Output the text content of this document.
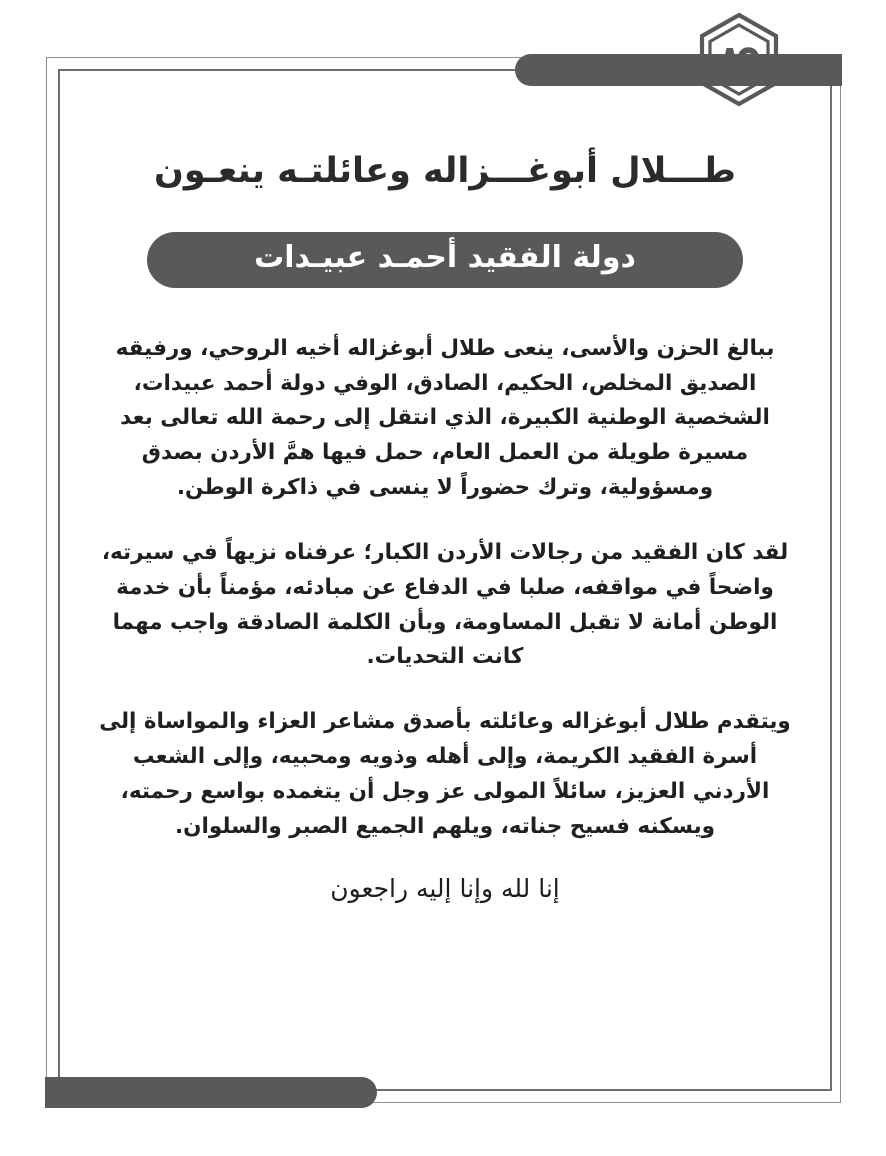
طـــلال أبوغـــزاله وعائلتـه ينعـون
دولة الفقيد أحمـد عبيـدات

ببالغ الحزن والأسى، ينعى طلال أبوغزاله أخيه الروحي، ورفيقه الصديق المخلص، الحكيم، الصادق، الوفي دولة أحمد عبيدات، الشخصية الوطنية الكبيرة، الذي انتقل إلى رحمة الله تعالى بعد مسيرة طويلة من العمل العام، حمل فيها همَّ الأردن بصدق ومسؤولية، وترك حضوراً لا ينسى في ذاكرة الوطن.

لقد كان الفقيد من رجالات الأردن الكبار؛ عرفناه نزيهاً في سيرته، واضحاً في مواقفه، صلبا في الدفاع عن مبادئه، مؤمناً بأن خدمة الوطن أمانة لا تقبل المساومة، وبأن الكلمة الصادقة واجب مهما كانت التحديات.

ويتقدم طلال أبوغزاله وعائلته بأصدق مشاعر العزاء والمواساة إلى أسرة الفقيد الكريمة، وإلى أهله وذويه ومحبيه، وإلى الشعب الأردني العزيز، سائلاً المولى عز وجل أن يتغمده بواسع رحمته، ويسكنه فسيح جناته، ويلهم الجميع الصبر والسلوان.

إنا لله وإنا إليه راجعون
